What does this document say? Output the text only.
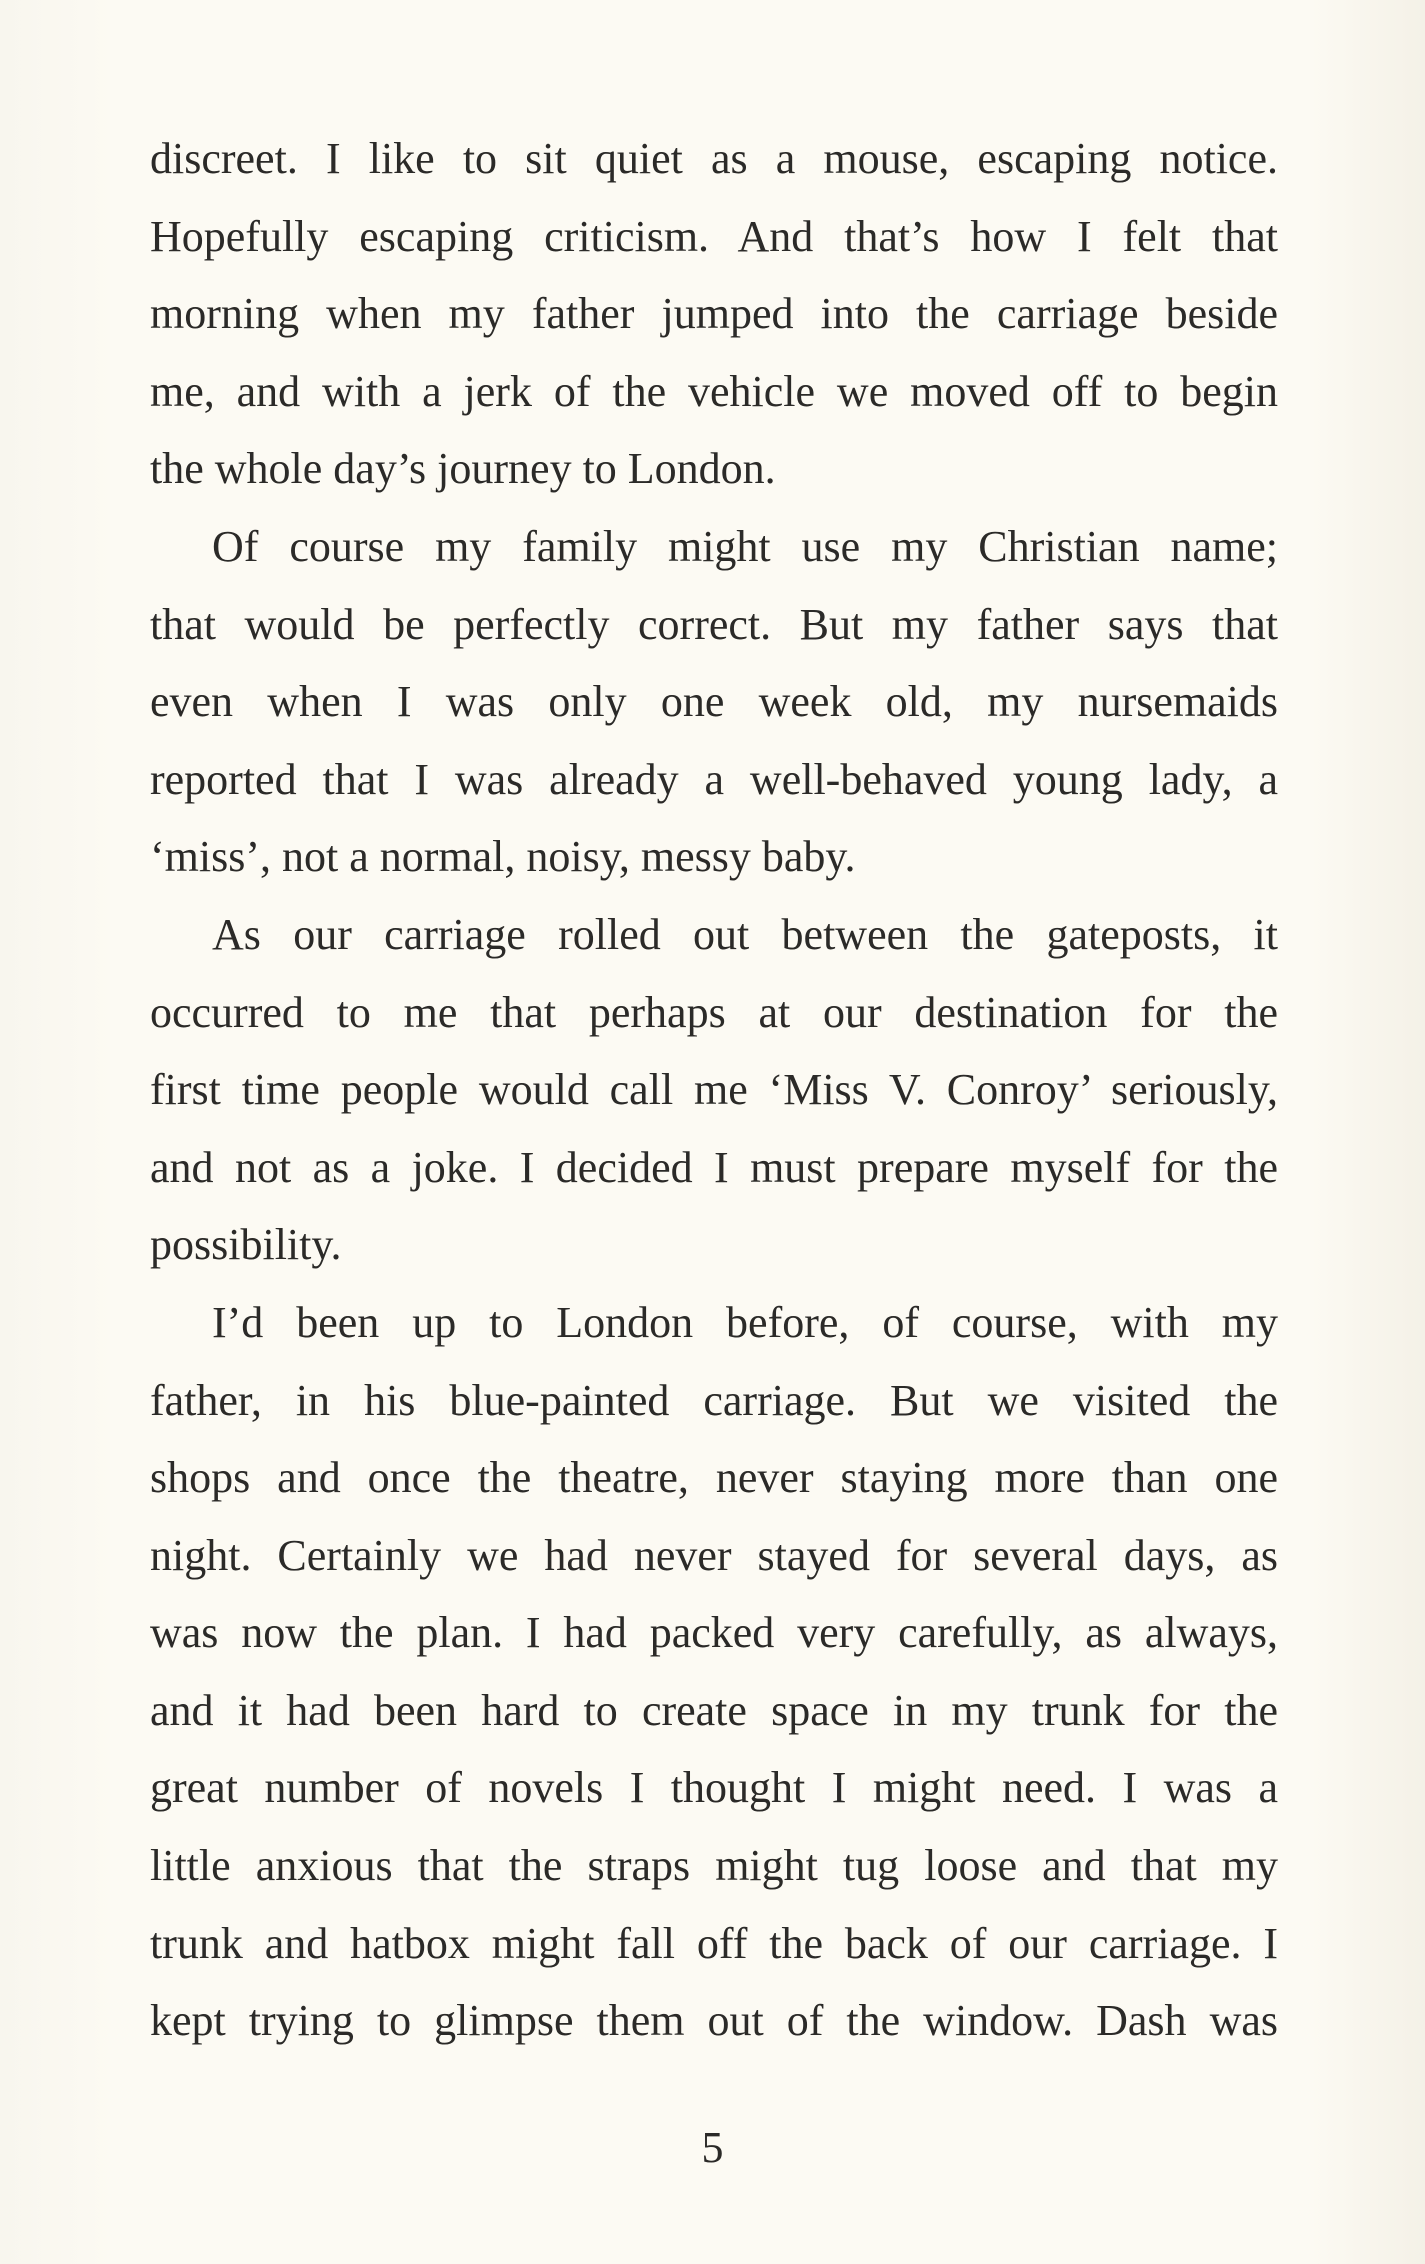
discreet. I like to sit quiet as a mouse, escaping notice.
Hopefully escaping criticism. And that’s how I felt that
morning when my father jumped into the carriage beside
me, and with a jerk of the vehicle we moved off to begin
the whole day’s journey to London.
Of course my family might use my Christian name;
that would be perfectly correct. But my father says that
even when I was only one week old, my nursemaids
reported that I was already a well-behaved young lady, a
‘miss’, not a normal, noisy, messy baby.
As our carriage rolled out between the gateposts, it
occurred to me that perhaps at our destination for the
first time people would call me ‘Miss V. Conroy’ seriously,
and not as a joke. I decided I must prepare myself for the
possibility.
I’d been up to London before, of course, with my
father, in his blue-painted carriage. But we visited the
shops and once the theatre, never staying more than one
night. Certainly we had never stayed for several days, as
was now the plan. I had packed very carefully, as always,
and it had been hard to create space in my trunk for the
great number of novels I thought I might need. I was a
little anxious that the straps might tug loose and that my
trunk and hatbox might fall off the back of our carriage. I
kept trying to glimpse them out of the window. Dash was
5
